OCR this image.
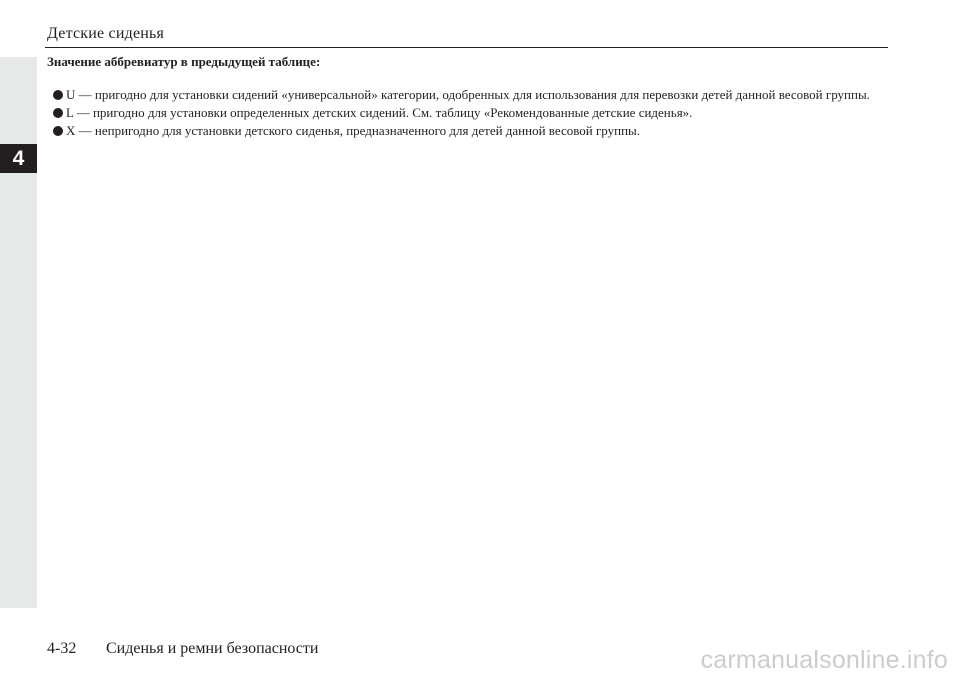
4
Детские сиденья
Значение аббревиатур в предыдущей таблице:
U — пригодно для установки сидений «универсальной» категории, одобренных для использования для перевозки детей данной весовой группы.
L — пригодно для установки определенных детских сидений. См. таблицу «Рекомендованные детские сиденья».
X — непригодно для установки детского сиденья, предназначенного для детей данной весовой группы.
4-32 Сиденья и ремни безопасности	carmanualsonline.info
